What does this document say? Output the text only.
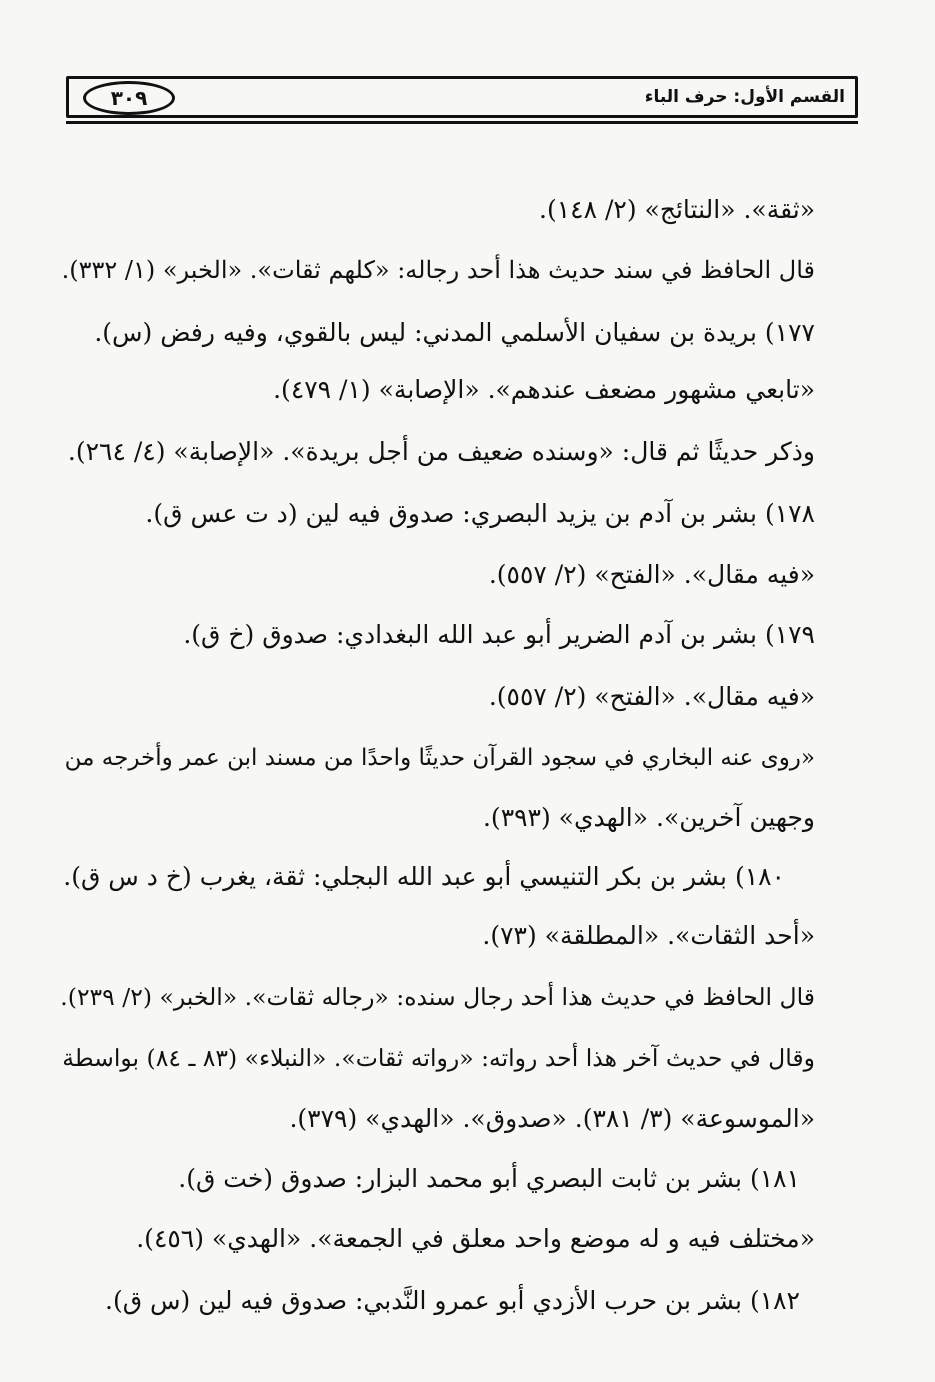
القسم الأول: حرف الباء
٣٠٩
«ثقة». «النتائج» (٢/ ١٤٨).
قال الحافظ في سند حديث هذا أحد رجاله: «كلهم ثقات». «الخبر» (١/ ٣٣٢).
١٧٧) بريدة بن سفيان الأسلمي المدني: ليس بالقوي، وفيه رفض (س).
«تابعي مشهور مضعف عندهم». «الإصابة» (١/ ٤٧٩).
وذكر حديثًا ثم قال: «وسنده ضعيف من أجل بريدة». «الإصابة» (٤/ ٢٦٤).
١٧٨) بشر بن آدم بن يزيد البصري: صدوق فيه لين (د ت عس ق).
«فيه مقال». «الفتح» (٢/ ٥٥٧).
١٧٩) بشر بن آدم الضرير أبو عبد الله البغدادي: صدوق (خ ق).
«فيه مقال». «الفتح» (٢/ ٥٥٧).
«روى عنه البخاري في سجود القرآن حديثًا واحدًا من مسند ابن عمر وأخرجه من
وجهين آخرين». «الهدي» (٣٩٣).
١٨٠) بشر بن بكر التنيسي أبو عبد الله البجلي: ثقة، يغرب (خ د س ق).
«أحد الثقات». «المطلقة» (٧٣).
قال الحافظ في حديث هذا أحد رجال سنده: «رجاله ثقات». «الخبر» (٢/ ٢٣٩).
وقال في حديث آخر هذا أحد رواته: «رواته ثقات». «النبلاء» (٨٣ ـ ٨٤) بواسطة
«الموسوعة» (٣/ ٣٨١). «صدوق». «الهدي» (٣٧٩).
١٨١) بشر بن ثابت البصري أبو محمد البزار: صدوق (خت ق).
«مختلف فيه و له موضع واحد معلق في الجمعة». «الهدي» (٤٥٦).
١٨٢) بشر بن حرب الأزدي أبو عمرو النَّدبي: صدوق فيه لين (س ق).
